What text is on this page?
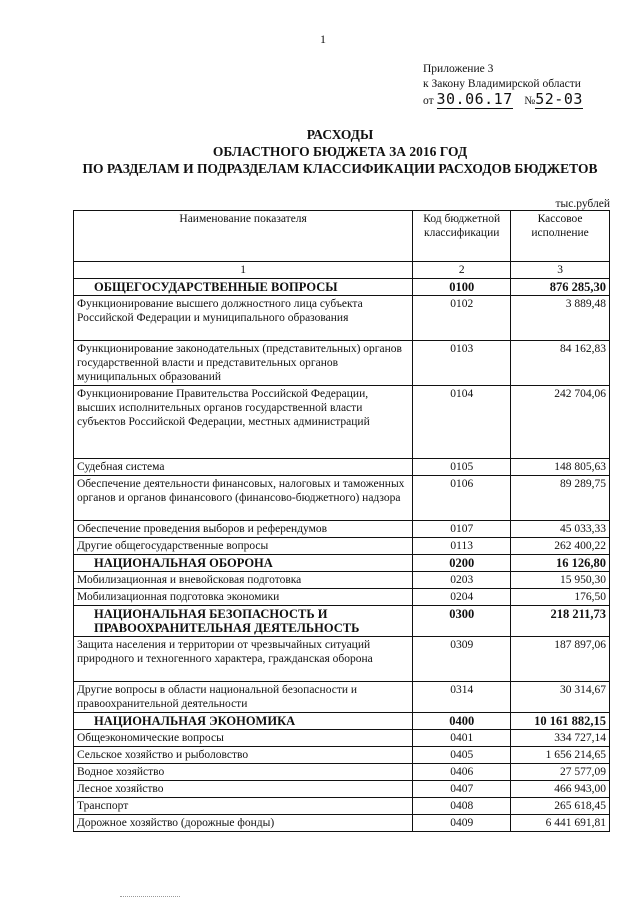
1
Приложение 3
к Закону Владимирской области
от 30.06.17 №52-03
РАСХОДЫ
ОБЛАСТНОГО БЮДЖЕТА ЗА 2016 ГОД
ПО РАЗДЕЛАМ И ПОДРАЗДЕЛАМ КЛАССИФИКАЦИИ РАСХОДОВ БЮДЖЕТОВ
тыс.рублей
Наименование показателя	Код бюджетной классификации	Кассовое исполнение
1	2	3
ОБЩЕГОСУДАРСТВЕННЫЕ ВОПРОСЫ	0100	876 285,30
Функционирование высшего должностного лица субъекта Российской Федерации и муниципального образования	0102	3 889,48
Функционирование законодательных (представительных) органов государственной власти и представительных органов муниципальных образований	0103	84 162,83
Функционирование Правительства Российской Федерации, высших исполнительных органов государственной власти субъектов Российской Федерации, местных администраций	0104	242 704,06
Судебная система	0105	148 805,63
Обеспечение деятельности финансовых, налоговых и таможенных органов и органов финансового (финансово-бюджетного) надзора	0106	89 289,75
Обеспечение проведения выборов и референдумов	0107	45 033,33
Другие общегосударственные вопросы	0113	262 400,22
НАЦИОНАЛЬНАЯ ОБОРОНА	0200	16 126,80
Мобилизационная и вневойсковая подготовка	0203	15 950,30
Мобилизационная подготовка экономики	0204	176,50
НАЦИОНАЛЬНАЯ БЕЗОПАСНОСТЬ И ПРАВООХРАНИТЕЛЬНАЯ ДЕЯТЕЛЬНОСТЬ	0300	218 211,73
Защита населения и территории от чрезвычайных ситуаций природного и техногенного характера, гражданская оборона	0309	187 897,06
Другие вопросы в области национальной безопасности и правоохранительной деятельности	0314	30 314,67
НАЦИОНАЛЬНАЯ ЭКОНОМИКА	0400	10 161 882,15
Общеэкономические вопросы	0401	334 727,14
Сельское хозяйство и рыболовство	0405	1 656 214,65
Водное хозяйство	0406	27 577,09
Лесное хозяйство	0407	466 943,00
Транспорт	0408	265 618,45
Дорожное хозяйство (дорожные фонды)	0409	6 441 691,81
